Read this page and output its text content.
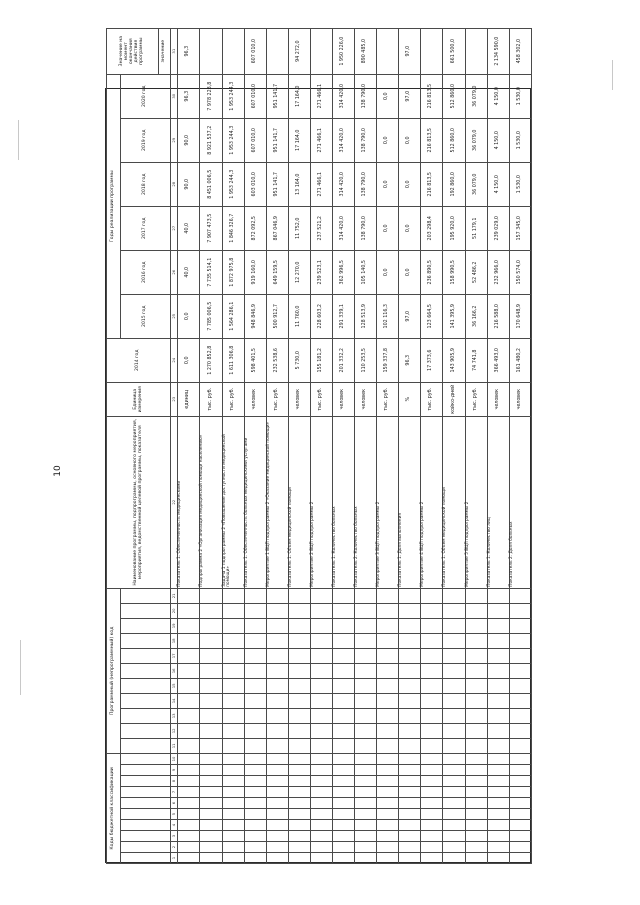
10
Коды бюджетной классификации										Программный (непрограммный) код											Наименование программы, подпрограммы, основного мероприятия, мероприятия, ведомственной целевой программы, показателя	Единица измерения	2014 год	Годы реализации программы						Значение на момент окончания действия программы	
																								2015 год	2016 год	2017 год	2018 год	2019 год	2020 год		
																														значение	
1	2	3	4	5	6	7	8	9	10	11	12	13	14	15	16	17	18	19	20	21	22	23	24	25	26	27	28	29	30	31						
																					Показатель 1. Обеспеченность медицинскими	единиц	0,0	0,0	40,0	40,0	90,0	90,0	96,3	96,3	
																					Подпрограмма 2 «Организация медицинской помощи населению»	тыс. руб.	1 270 852,8	7 785 006,5	7 735 514,1	7 907 473,5	8 451 006,5	8 921 537,2	7 978 228,8		
																					Задача 1 подпрограммы 2 «Повышение доступности медицинской помощи»	тыс. руб.	1 611 306,8	1 564 286,1	1 872 975,8	1 846 326,7	1 953 244,3	1 953 244,3	1 953 244,3		
																					Показатель 1. Обеспеченность больных медицинскими услугами	человек	598 401,5	948 846,9	919 160,0	872 092,5	603 010,0	607 010,0	607 010,0	607 010,0	
																					Мероприятие 1 ВЦП подпрограммы 2 «Оказание медицинской помощи»	тыс. руб.	232 538,6	500 912,7	649 159,5	867 046,9	951 141,7	951 141,7	951 141,7		
																					Показатель 1. Объем медицинской помощи	человек	5 730,0	11 760,0	12 270,0	11 752,0	13 164,0	17 164,0	17 164,0	94 272,0	
																					Мероприятие 2 ВЦП подпрограммы 2	тыс. руб.	155 181,2	228 603,2	239 523,1	237 521,2	271 466,1	271 466,1	271 466,1		
																					Показатель 1. Количество больных	человек	201 332,2	291 339,1	362 996,5	314 420,0	314 420,0	314 420,0	314 420,0	1 950 226,0	
																					Показатель 2. Количество больных	человек	110 253,5	128 513,9	105 140,5	138 790,0	138 790,0	138 790,0	138 790,0	890 485,0	
																					Мероприятие 3 ВЦП подпрограммы 2	тыс. руб.	159 337,8	102 116,3	0,0	0,0	0,0	0,0	0,0		
																					Показатель 1. Доля выполнения	%	96,3	97,0	0,0	0,0	0,0	0,0	97,0	97,0	
																					Мероприятие 4 ВЦП подпрограммы 2	тыс. руб.	17 373,6	123 664,5	236 890,5	203 298,4	216 813,5	216 813,5	216 813,5		
																					Показатель 1. Объем медицинской помощи	койко-дней	143 905,9	141 395,9	158 990,5	195 920,0	192 860,0	512 860,0	512 860,0	661 500,0	
																					Мероприятие 5 ВЦП подпрограммы 2	тыс. руб.	74 741,8	36 166,2	52 486,2	51 179,1	36 079,0	36 079,0	36 079,0		
																					Показатель 1. Количество лиц	человек	366 493,0	216 588,0	232 966,0	239 029,0	4 150,0	4 150,0	4 150,0	2 134 590,0	
																					Показатель 2. Доля больных	человек	161 480,2	170 648,9	150 574,0	157 345,0	1 530,0	1 530,0	1 530,0	458 302,0	
